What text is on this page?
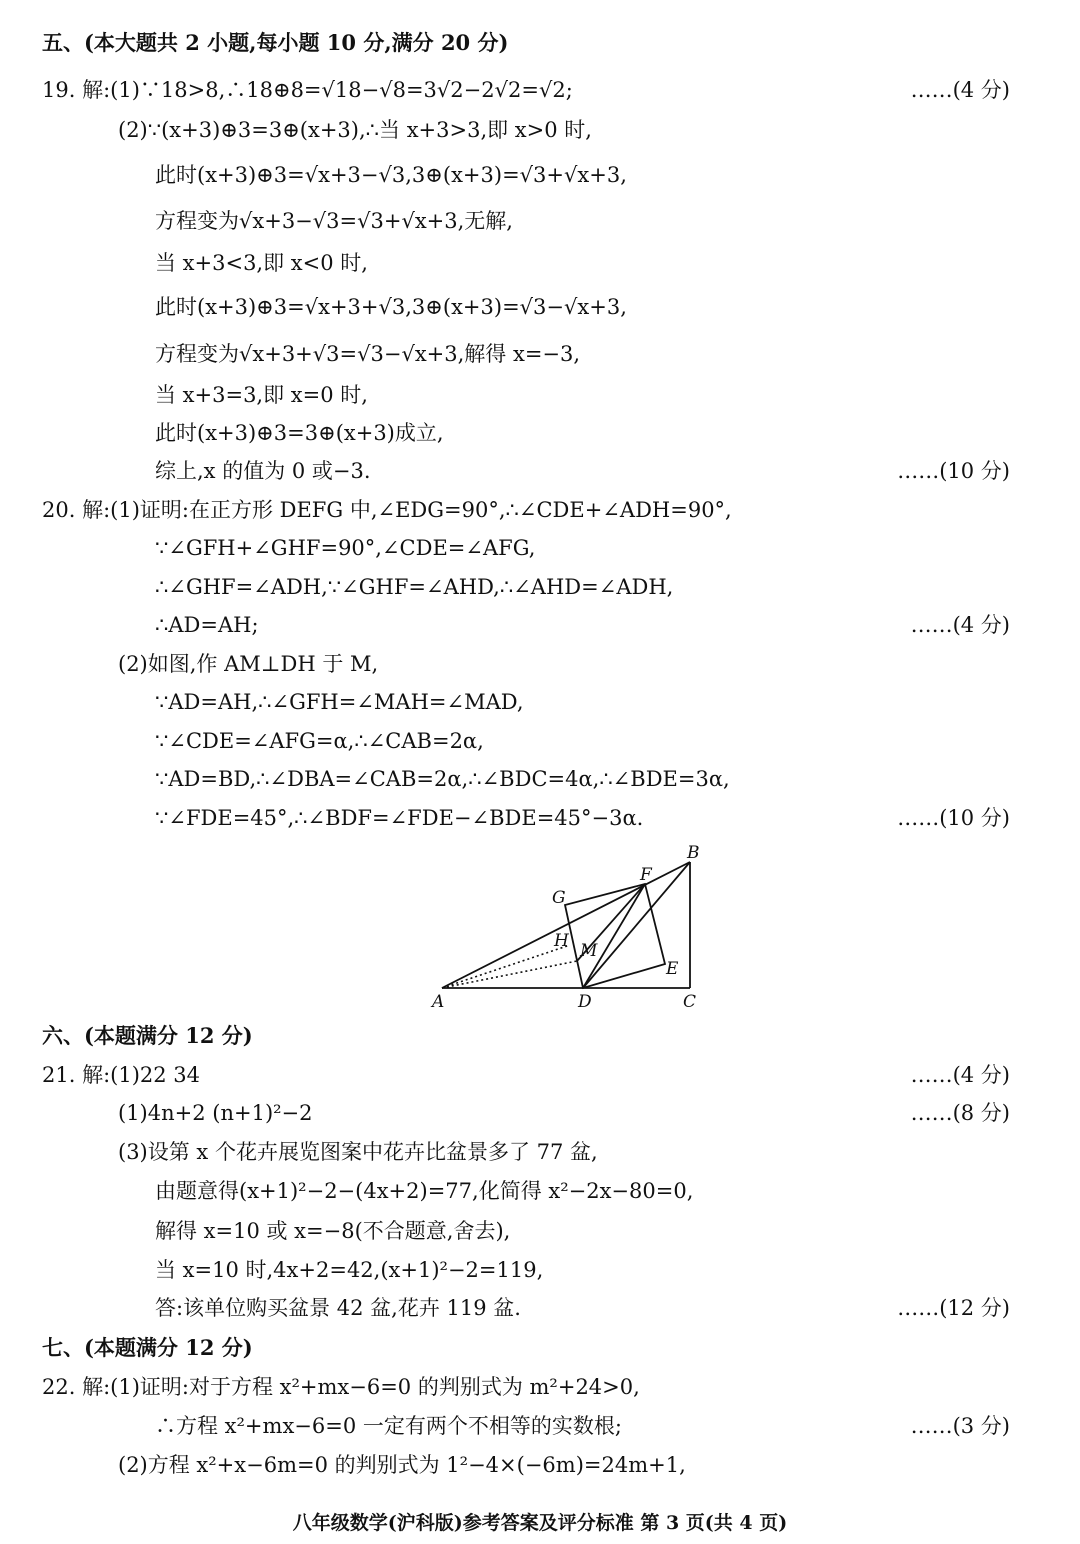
五、(本大题共 2 小题,每小题 10 分,满分 20 分)
19. 解:(1)∵18>8,∴18⊕8=√18−√8=3√2−2√2=√2;	……(4 分)
(2)∵(x+3)⊕3=3⊕(x+3),∴当 x+3>3,即 x>0 时,
此时(x+3)⊕3=√x+3−√3,3⊕(x+3)=√3+√x+3,
方程变为√x+3−√3=√3+√x+3,无解,
当 x+3<3,即 x<0 时,
此时(x+3)⊕3=√x+3+√3,3⊕(x+3)=√3−√x+3,
方程变为√x+3+√3=√3−√x+3,解得 x=−3,
当 x+3=3,即 x=0 时,
此时(x+3)⊕3=3⊕(x+3)成立,
综上,x 的值为 0 或−3.	……(10 分)
20. 解:(1)证明:在正方形 DEFG 中,∠EDG=90°,∴∠CDE+∠ADH=90°,
∵∠GFH+∠GHF=90°,∠CDE=∠AFG,
∴∠GHF=∠ADH,∵∠GHF=∠AHD,∴∠AHD=∠ADH,
∴AD=AH;	……(4 分)
(2)如图,作 AM⊥DH 于 M,
∵AD=AH,∴∠GFH=∠MAH=∠MAD,
∵∠CDE=∠AFG=α,∴∠CAB=2α,
∵AD=BD,∴∠DBA=∠CAB=2α,∴∠BDC=4α,∴∠BDE=3α,
∵∠FDE=45°,∴∠BDF=∠FDE−∠BDE=45°−3α.	……(10 分)
A	D	C
B
F
G
H M
E
六、(本题满分 12 分)
21. 解:(1)22 34	……(4 分)
(1)4n+2 (n+1)²−2	……(8 分)
(3)设第 x 个花卉展览图案中花卉比盆景多了 77 盆,
由题意得(x+1)²−2−(4x+2)=77,化简得 x²−2x−80=0,
解得 x=10 或 x=−8(不合题意,舍去),
当 x=10 时,4x+2=42,(x+1)²−2=119,
答:该单位购买盆景 42 盆,花卉 119 盆.	……(12 分)
七、(本题满分 12 分)
22. 解:(1)证明:对于方程 x²+mx−6=0 的判别式为 m²+24>0,
∴方程 x²+mx−6=0 一定有两个不相等的实数根;	……(3 分)
(2)方程 x²+x−6m=0 的判别式为 1²−4×(−6m)=24m+1,
八年级数学(沪科版)参考答案及评分标准 第 3 页(共 4 页)
